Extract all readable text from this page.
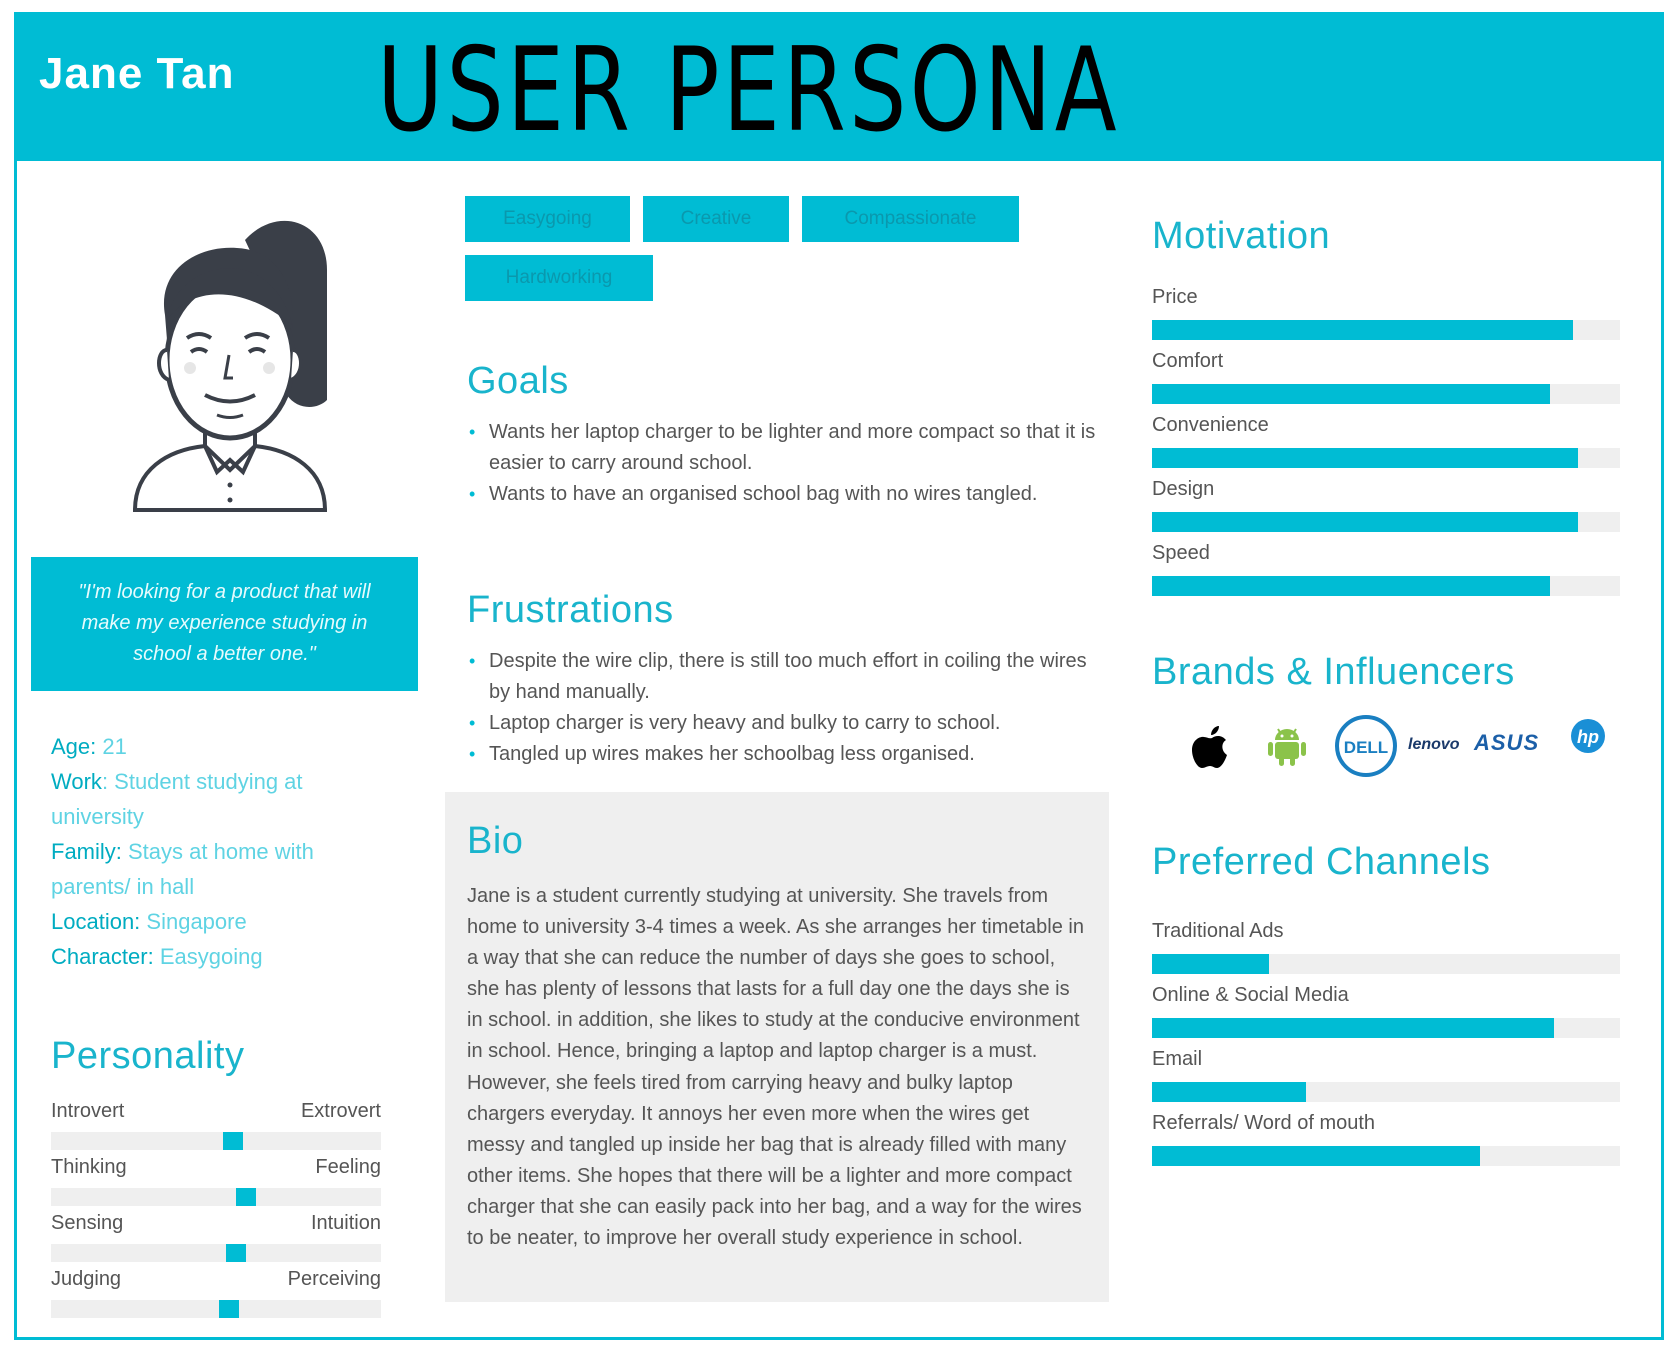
Jane Tan USER PERSONA
"I'm looking for a product that will make my experience studying in school a better one."
Age: 21
Work: Student studying at university
Family: Stays at home with parents/ in hall
Location: Singapore
Character: Easygoing
Personality
Introvert	Extrovert
Thinking	Feeling
Sensing	Intuition
Judging	Perceiving
Easygoing	Creative	Compassionate
Hardworking
Goals
• Wants her laptop charger to be lighter and more compact so that it is easier to carry around school.
• Wants to have an organised school bag with no wires tangled.
Frustrations
• Despite the wire clip, there is still too much effort in coiling the wires by hand manually.
• Laptop charger is very heavy and bulky to carry to school.
• Tangled up wires makes her schoolbag less organised.
Bio
Jane is a student currently studying at university. She travels from home to university 3-4 times a week. As she arranges her timetable in a way that she can reduce the number of days she goes to school, she has plenty of lessons that lasts for a full day one the days she is in school. in addition, she likes to study at the conducive environment in school. Hence, bringing a laptop and laptop charger is a must. However, she feels tired from carrying heavy and bulky laptop chargers everyday. It annoys her even more when the wires get messy and tangled up inside her bag that is already filled with many other items. She hopes that there will be a lighter and more compact charger that she can easily pack into her bag, and a way for the wires to be neater, to improve her overall study experience in school.
Motivation
Price
Comfort
Convenience
Design
Speed
Brands & Influencers
DELL lenovo ASUS hp
Preferred Channels
Traditional Ads
Online & Social Media
Email
Referrals/ Word of mouth
